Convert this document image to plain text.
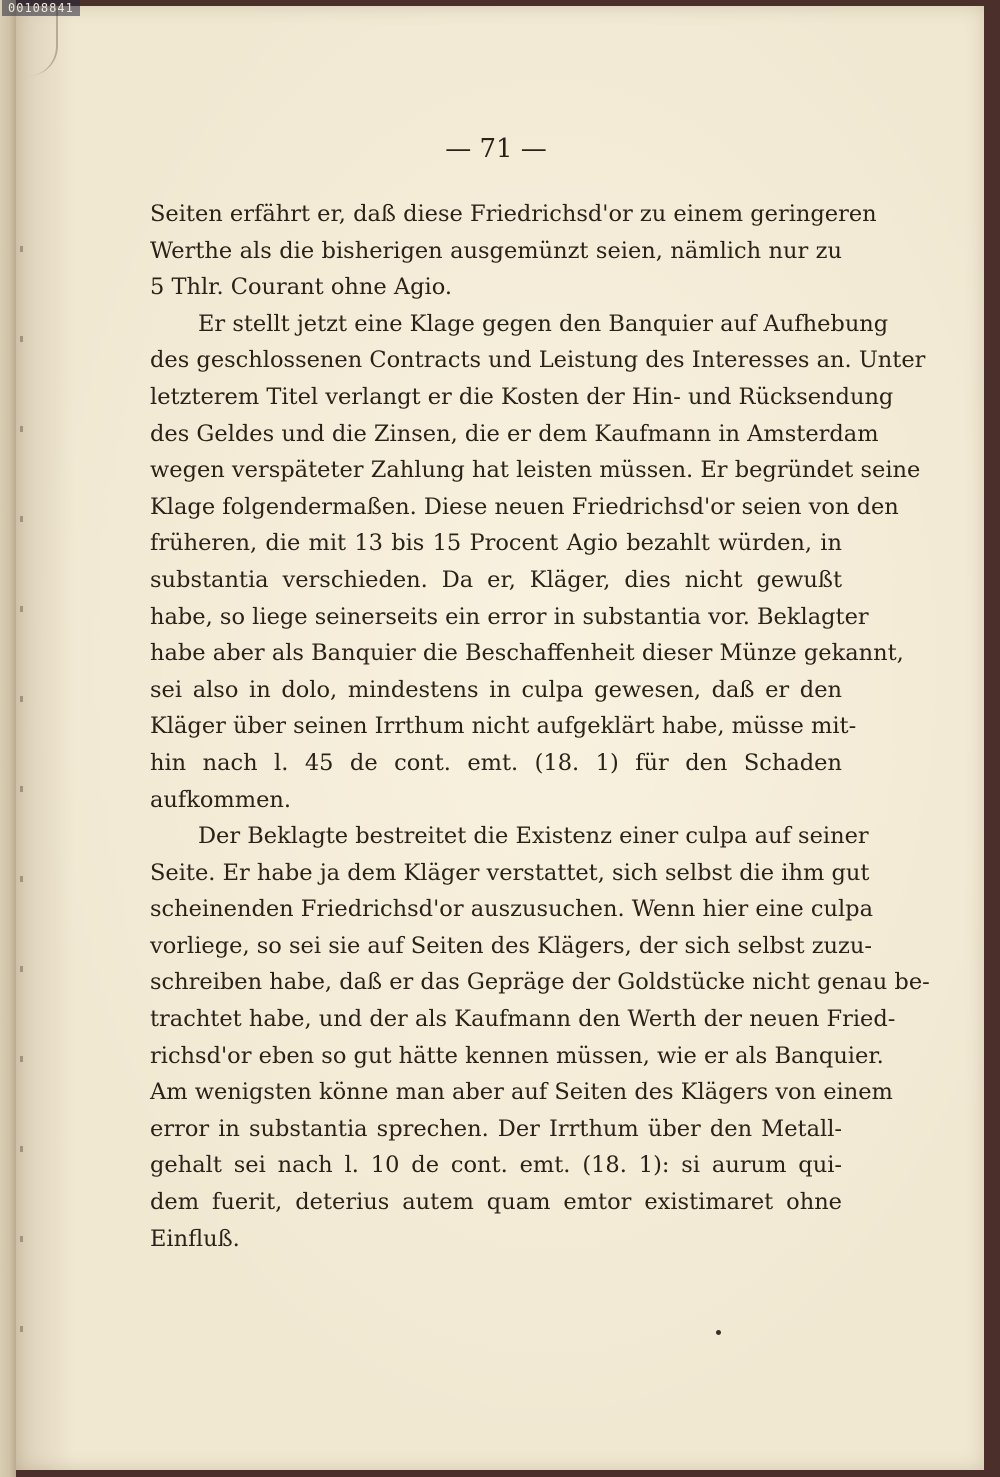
— 71 —
Seiten erfährt er, daß diese Friedrichsd'or zu einem geringeren
Werthe als die bisherigen ausgemünzt seien, nämlich nur zu
5 Thlr. Courant ohne Agio.
Er stellt jetzt eine Klage gegen den Banquier auf Aufhebung
des geschlossenen Contracts und Leistung des Interesses an. Unter
letzterem Titel verlangt er die Kosten der Hin- und Rücksendung
des Geldes und die Zinsen, die er dem Kaufmann in Amsterdam
wegen verspäteter Zahlung hat leisten müssen. Er begründet seine
Klage folgendermaßen. Diese neuen Friedrichsd'or seien von den
früheren, die mit 13 bis 15 Procent Agio bezahlt würden, in
substantia verschieden. Da er, Kläger, dies nicht gewußt
habe, so liege seinerseits ein error in substantia vor. Beklagter
habe aber als Banquier die Beschaffenheit dieser Münze gekannt,
sei also in dolo, mindestens in culpa gewesen, daß er den
Kläger über seinen Irrthum nicht aufgeklärt habe, müsse mit-
hin nach l. 45 de cont. emt. (18. 1) für den Schaden
aufkommen.
Der Beklagte bestreitet die Existenz einer culpa auf seiner
Seite. Er habe ja dem Kläger verstattet, sich selbst die ihm gut
scheinenden Friedrichsd'or auszusuchen. Wenn hier eine culpa
vorliege, so sei sie auf Seiten des Klägers, der sich selbst zuzu-
schreiben habe, daß er das Gepräge der Goldstücke nicht genau be-
trachtet habe, und der als Kaufmann den Werth der neuen Fried-
richsd'or eben so gut hätte kennen müssen, wie er als Banquier.
Am wenigsten könne man aber auf Seiten des Klägers von einem
error in substantia sprechen. Der Irrthum über den Metall-
gehalt sei nach l. 10 de cont. emt. (18. 1): si aurum qui-
dem fuerit, deterius autem quam emtor existimaret ohne
Einfluß.
00108841
